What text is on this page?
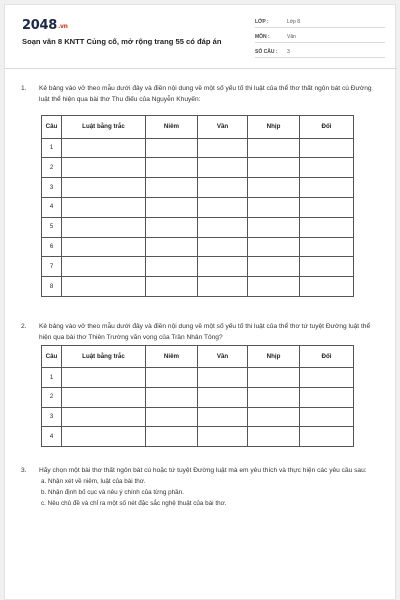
2048.vn
Soạn văn 8 KNTT Củng cố, mở rộng trang 55 có đáp án
LỚP :	Lớp 8
MÔN :	Văn
SỐ CÂU : 3
1. Kẻ bảng vào vở theo mẫu dưới đây và điền nội dung về một số yếu tố thi luật của thể thơ thất ngôn bát cú Đường luật thể hiện qua bài thơ Thu điếu của Nguyễn Khuyến:
Câu	Luật bằng trắc	Niêm	Vần	Nhịp	Đối
1					
2					
3					
4					
5					
6					
7					
8					
2. Kẻ bảng vào vở theo mẫu dưới đây và điền nội dung về một số yếu tố thi luật của thể thơ tứ tuyệt Đường luật thể hiện qua bài thơ Thiên Trường vãn vọng của Trần Nhân Tông?
Câu	Luật bằng trắc	Niêm	Vần	Nhịp	Đối
1					
2					
3					
4					
3. Hãy chọn một bài thơ thất ngôn bát cú hoặc tứ tuyệt Đường luật mà em yêu thích và thực hiện các yêu cầu sau:
a. Nhận xét về niêm, luật của bài thơ.
b. Nhận định bố cục và nêu ý chính của từng phần.
c. Nêu chủ đề và chỉ ra một số nét đặc sắc nghệ thuật của bài thơ.
